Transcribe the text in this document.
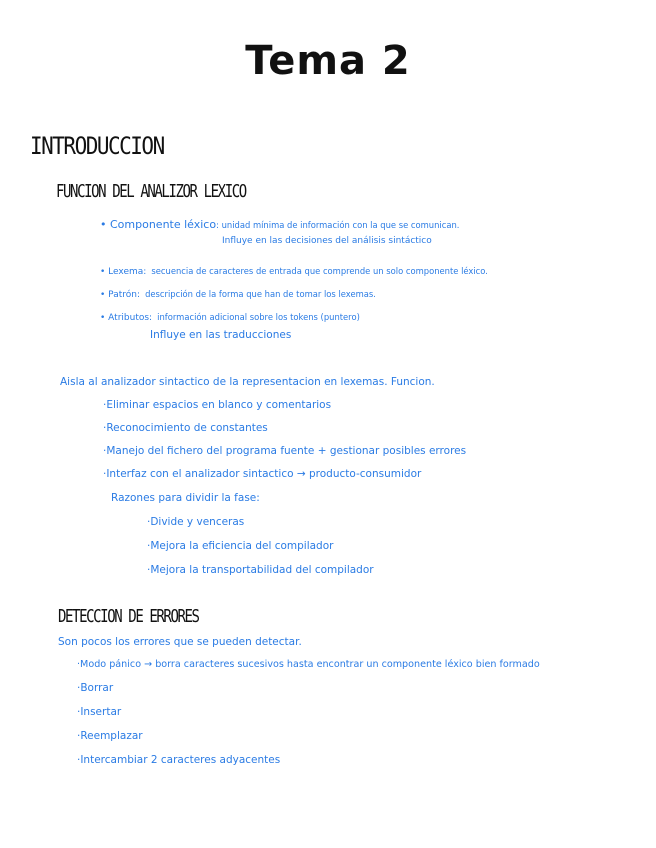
Tema 2
INTRODUCCION
FUNCION DEL ANALIZOR LEXICO
• Componente léxico: unidad mínima de información con la que se comunican.
Influye en las decisiones del análisis sintáctico
• Lexema: secuencia de caracteres de entrada que comprende un solo componente léxico.
• Patrón: descripción de la forma que han de tomar los lexemas.
• Atributos: información adicional sobre los tokens (puntero)
Influye en las traducciones
Aisla al analizador sintactico de la representacion en lexemas. Funcion.
·Eliminar espacios en blanco y comentarios
·Reconocimiento de constantes
·Manejo del fichero del programa fuente + gestionar posibles errores
·Interfaz con el analizador sintactico → producto-consumidor
Razones para dividir la fase:
·Divide y venceras
·Mejora la eficiencia del compilador
·Mejora la transportabilidad del compilador
DETECCION DE ERRORES
Son pocos los errores que se pueden detectar.
·Modo pánico → borra caracteres sucesivos hasta encontrar un componente léxico bien formado
·Borrar
·Insertar
·Reemplazar
·Intercambiar 2 caracteres adyacentes
